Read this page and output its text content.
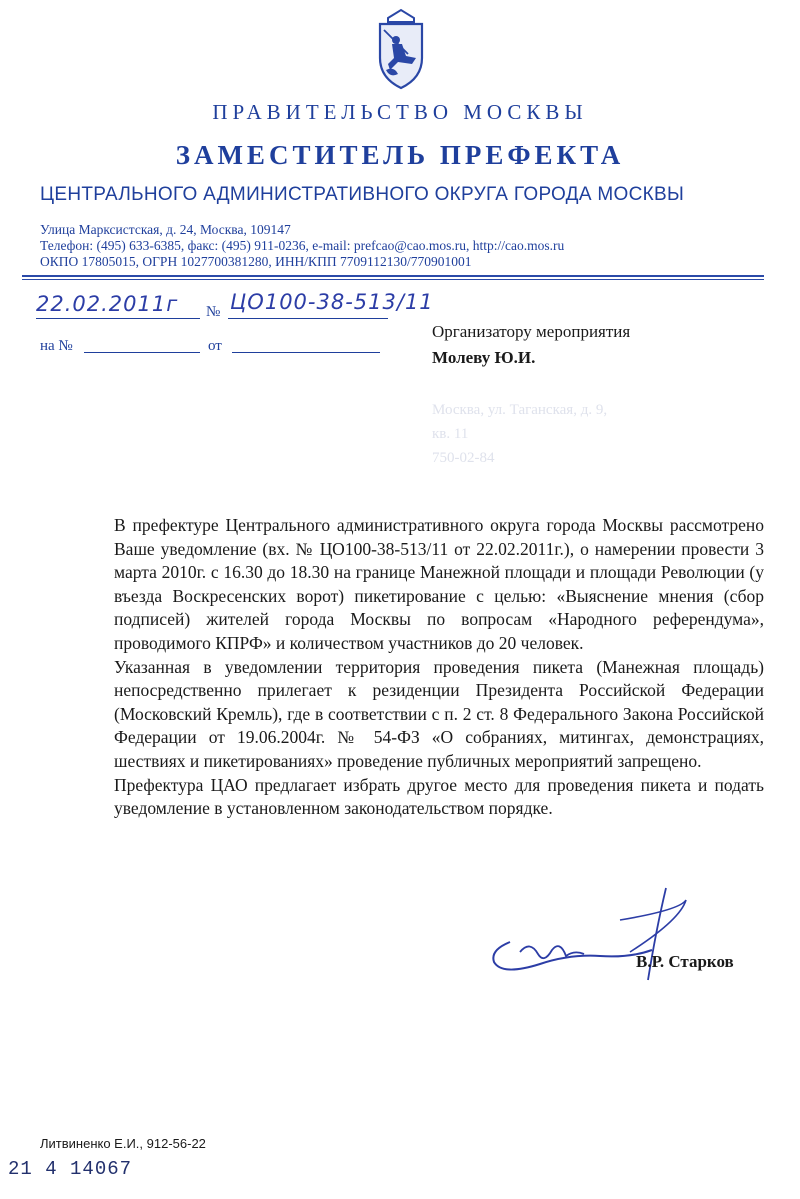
ПРАВИТЕЛЬСТВО МОСКВЫ
ЗАМЕСТИТЕЛЬ ПРЕФЕКТА
ЦЕНТРАЛЬНОГО АДМИНИСТРАТИВНОГО ОКРУГА ГОРОДА МОСКВЫ
Улица Марксистская, д. 24, Москва, 109147
Телефон: (495) 633-6385, факс: (495) 911-0236, e-mail: prefcao@cao.mos.ru, http://cao.mos.ru
ОКПО 17805015, ОГРН 1027700381280, ИНН/КПП 7709112130/770901001
22.02.2011г № ЦО100-38-513/11
на №	от
Организатору мероприятия
Молеву Ю.И.
Москва, ул. Таганская, д. 9,
кв. 11
750-02-84

В префектуре Центрального административного округа города Москвы рассмотрено Ваше уведомление (вх. № ЦО100-38-513/11 от 22.02.2011г.), о намерении провести 3 марта 2010г. с 16.30 до 18.30 на границе Манежной площади и площади Революции (у въезда Воскресенских ворот) пикетирование с целью: «Выяснение мнения (сбор подписей) жителей города Москвы по вопросам «Народного референдума», проводимого КПРФ» и количеством участников до 20 человек.

Указанная в уведомлении территория проведения пикета (Манежная площадь) непосредственно прилегает к резиденции Президента Российской Федерации (Московский Кремль), где в соответствии с п. 2 ст. 8 Федерального Закона Российской Федерации от 19.06.2004г. № 54-ФЗ «О собраниях, митингах, демонстрациях, шествиях и пикетированиях» проведение публичных мероприятий запрещено.

Префектура ЦАО предлагает избрать другое место для проведения пикета и подать уведомление в установленном законодательством порядке.

В.Р. Старков
Литвиненко Е.И., 912-56-22
21 4 14067
